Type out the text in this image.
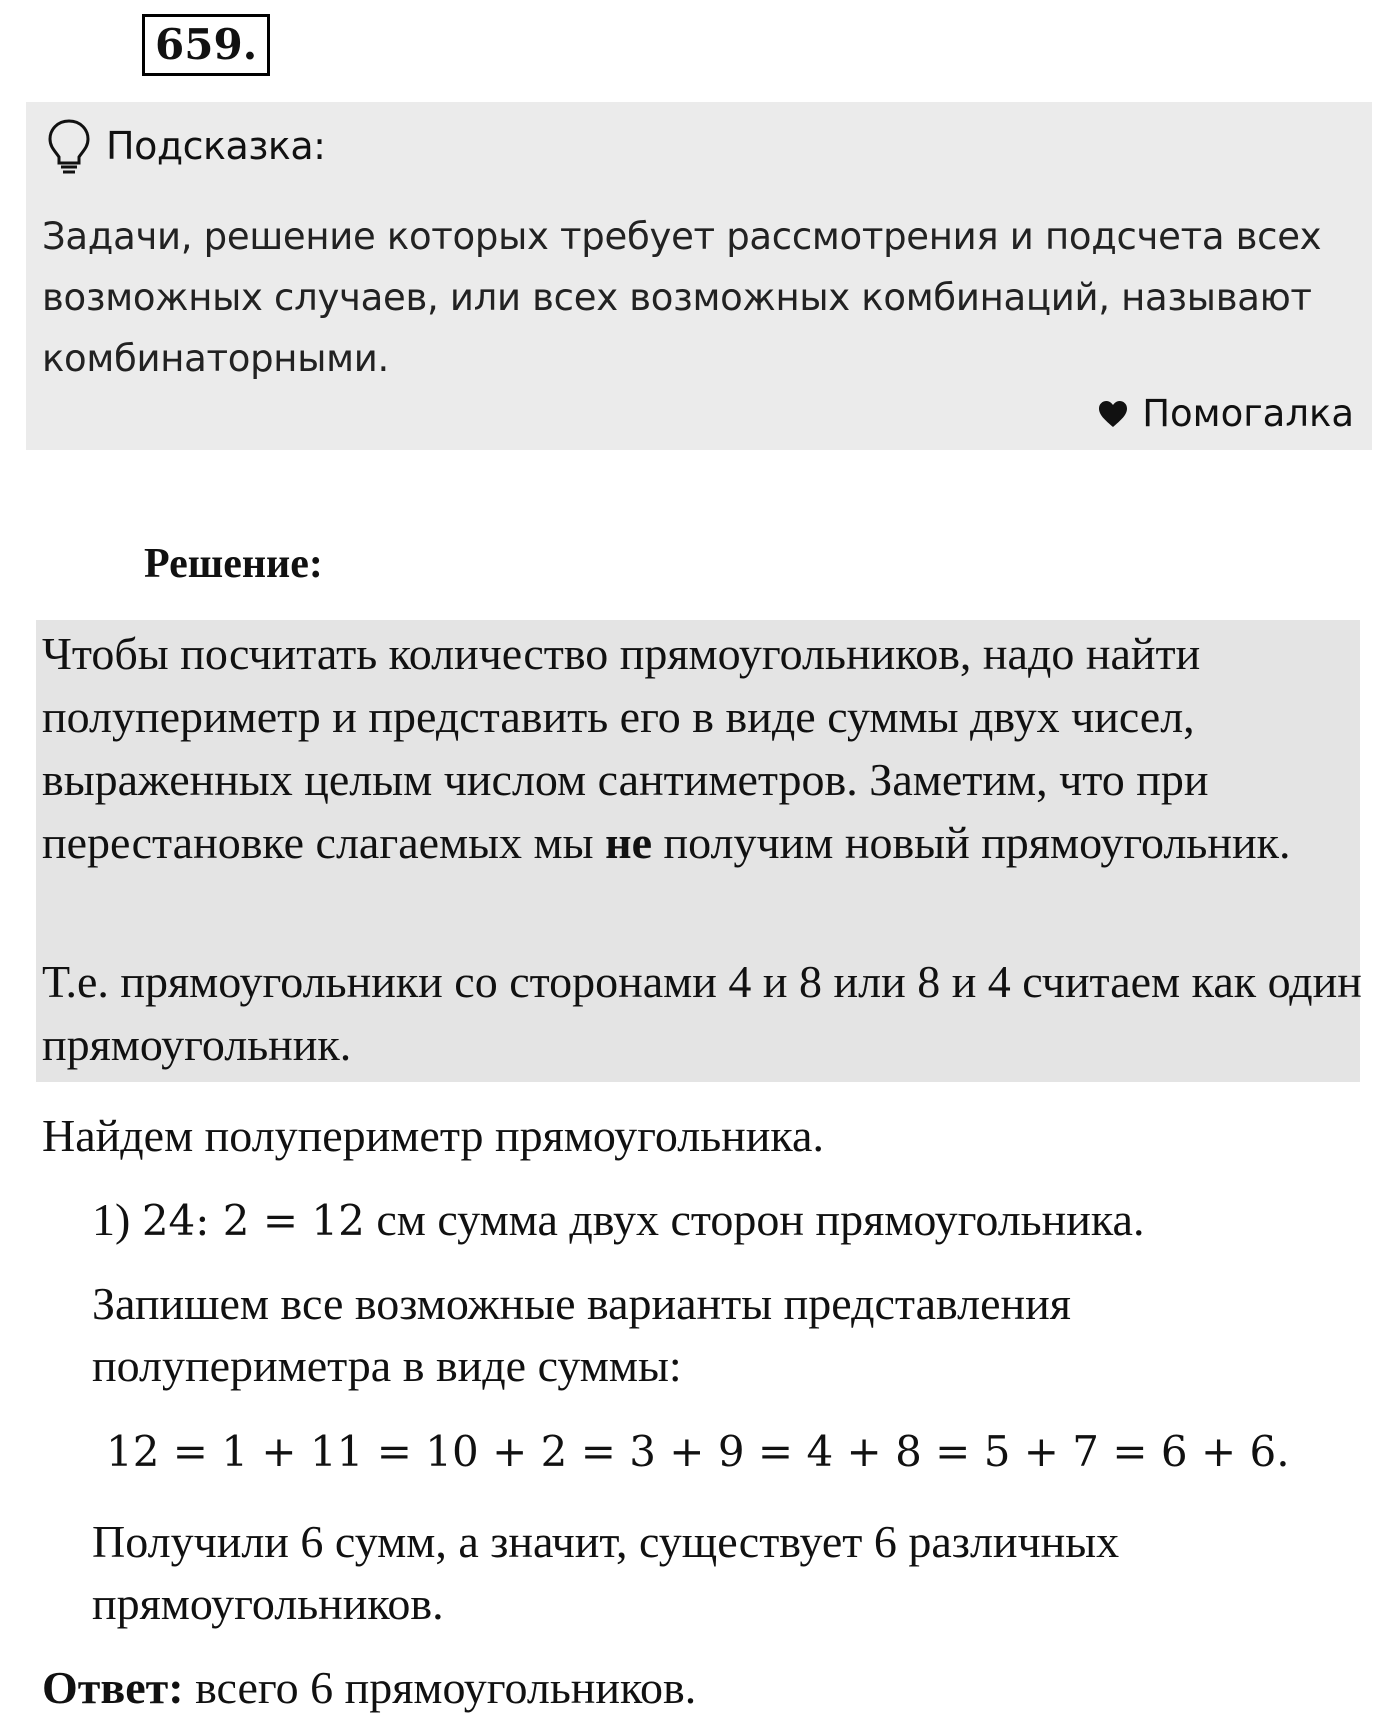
659.
Подсказка:
Задачи, решение которых требует рассмотрения и подсчета всех возможных случаев, или всех возможных комбинаций, называют комбинаторными.
Помогалка
Решение:
Чтобы посчитать количество прямоугольников, надо найти полупериметр и представить его в виде суммы двух чисел, выраженных целым числом сантиметров. Заметим, что при перестановке слагаемых мы не получим новый прямоугольник.
Т.е. прямоугольники со сторонами 4 и 8 или 8 и 4 считаем как один прямоугольник.
Найдем полупериметр прямоугольника.
1) 24: 2 = 12 см сумма двух сторон прямоугольника.
Запишем все возможные варианты представления
полупериметра в виде суммы:
12 = 1 + 11 = 10 + 2 = 3 + 9 = 4 + 8 = 5 + 7 = 6 + 6.
Получили 6 сумм, а значит, существует 6 различных
прямоугольников.
Ответ: всего 6 прямоугольников.
